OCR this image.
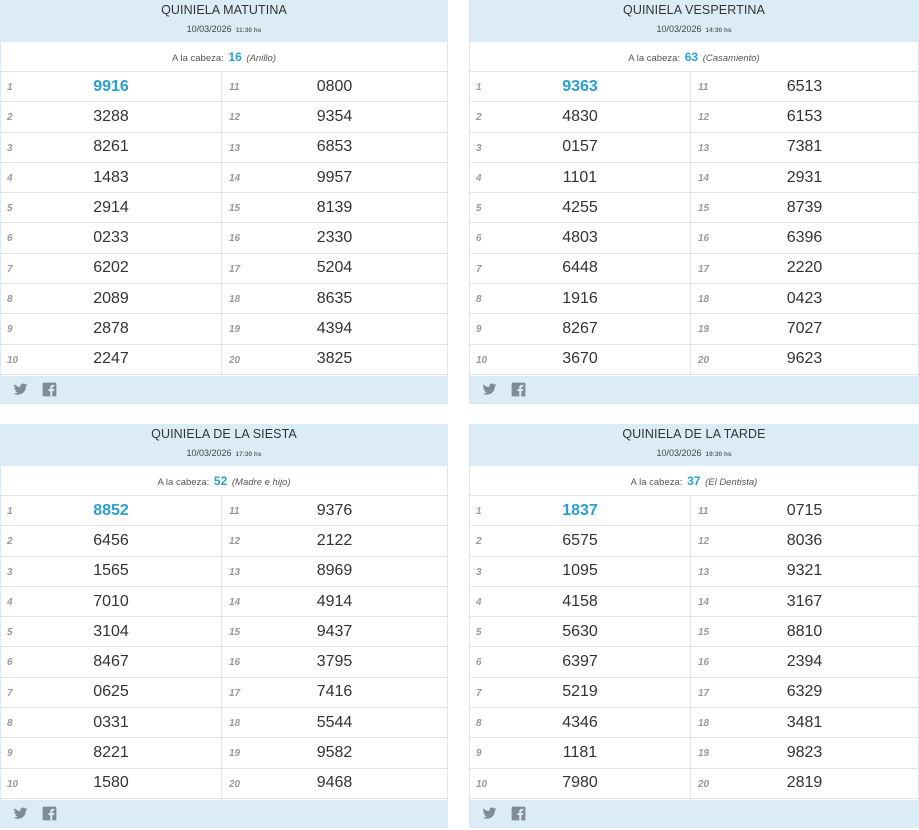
QUINIELA MATUTINA
10/03/2026 11:30 hs
A la cabeza: 16 (Anillo)
1	9916
2	3288
3	8261
4	1483
5	2914
6	0233
7	6202
8	2089
9	2878
10	2247
11	0800
12	9354
13	6853
14	9957
15	8139
16	2330
17	5204
18	8635
19	4394
20	3825
QUINIELA VESPERTINA
10/03/2026 14:30 hs
A la cabeza: 63 (Casamiento)
1	9363
2	4830
3	0157
4	1101
5	4255
6	4803
7	6448
8	1916
9	8267
10	3670
11	6513
12	6153
13	7381
14	2931
15	8739
16	6396
17	2220
18	0423
19	7027
20	9623
QUINIELA DE LA SIESTA
10/03/2026 17:30 hs
A la cabeza: 52 (Madre e hijo)
1	8852
2	6456
3	1565
4	7010
5	3104
6	8467
7	0625
8	0331
9	8221
10	1580
11	9376
12	2122
13	8969
14	4914
15	9437
16	3795
17	7416
18	5544
19	9582
20	9468
QUINIELA DE LA TARDE
10/03/2026 19:30 hs
A la cabeza: 37 (El Dentista)
1	1837
2	6575
3	1095
4	4158
5	5630
6	6397
7	5219
8	4346
9	1181
10	7980
11	0715
12	8036
13	9321
14	3167
15	8810
16	2394
17	6329
18	3481
19	9823
20	2819
